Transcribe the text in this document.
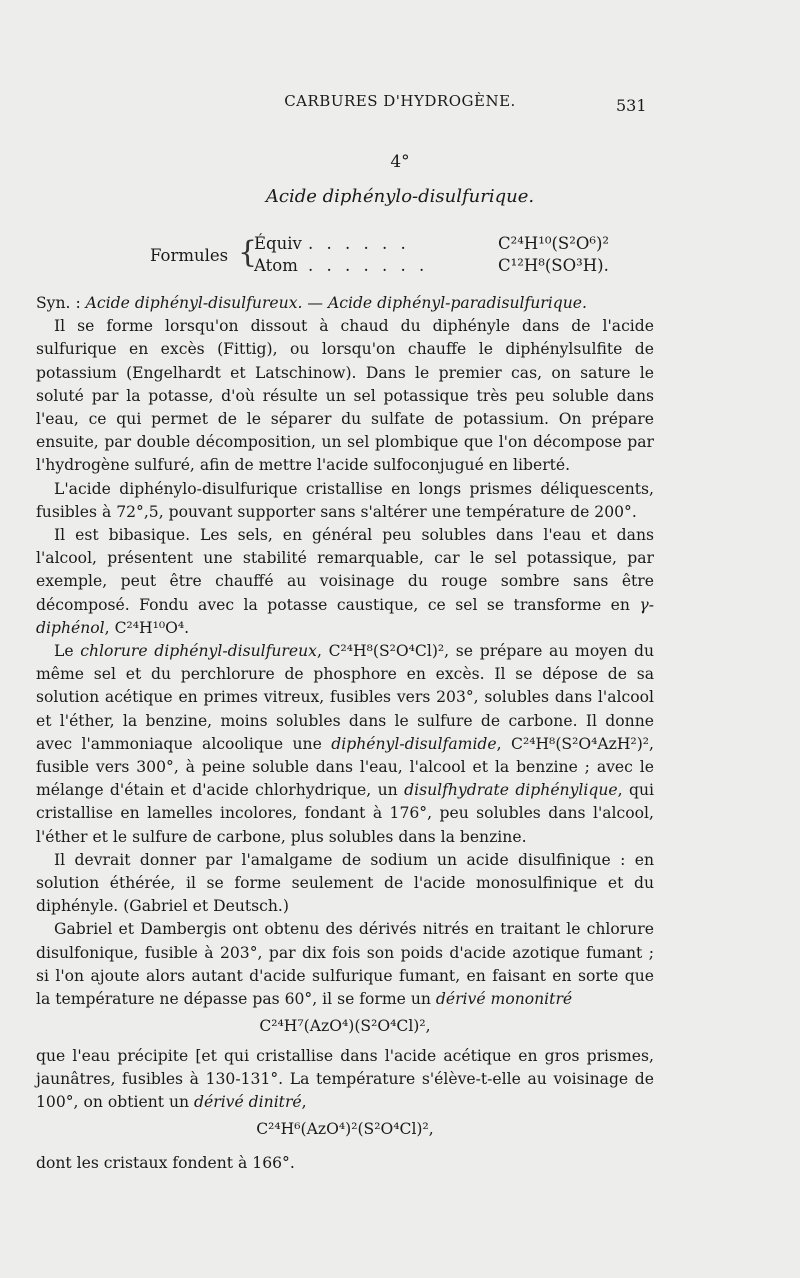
CARBURES D'HYDROGÈNE.	531
4°
Acide diphénylo-disulfurique.
Formules {
Équiv . . . . . .	C²⁴H¹⁰(S²O⁶)²
Atom . . . . . . .	C¹²H⁸(SO³H).

Syn. : Acide diphényl-disulfureux. — Acide diphényl-paradisulfurique.

Il se forme lorsqu'on dissout à chaud du diphényle dans de l'acide sulfurique en excès (Fittig), ou lorsqu'on chauffe le diphénylsulfite de potassium (Engelhardt et Latschinow). Dans le premier cas, on sature le soluté par la potasse, d'où résulte un sel potassique très peu soluble dans l'eau, ce qui permet de le séparer du sulfate de potassium. On prépare ensuite, par double décomposition, un sel plombique que l'on décompose par l'hydrogène sulfuré, afin de mettre l'acide sulfoconjugué en liberté.

L'acide diphénylo-disulfurique cristallise en longs prismes déliquescents, fusibles à 72°,5, pouvant supporter sans s'altérer une température de 200°.

Il est bibasique. Les sels, en général peu solubles dans l'eau et dans l'alcool, présentent une stabilité remarquable, car le sel potassique, par exemple, peut être chauffé au voisinage du rouge sombre sans être décomposé. Fondu avec la potasse caustique, ce sel se transforme en γ-diphénol, C²⁴H¹⁰O⁴.

Le chlorure diphényl-disulfureux, C²⁴H⁸(S²O⁴Cl)², se prépare au moyen du même sel et du perchlorure de phosphore en excès. Il se dépose de sa solution acétique en primes vitreux, fusibles vers 203°, solubles dans l'alcool et l'éther, la benzine, moins solubles dans le sulfure de carbone. Il donne avec l'ammoniaque alcoolique une diphényl-disulfamide, C²⁴H⁸(S²O⁴AzH²)², fusible vers 300°, à peine soluble dans l'eau, l'alcool et la benzine ; avec le mélange d'étain et d'acide chlorhydrique, un disulfhydrate diphénylique, qui cristallise en lamelles incolores, fondant à 176°, peu solubles dans l'alcool, l'éther et le sulfure de carbone, plus solubles dans la benzine.

Il devrait donner par l'amalgame de sodium un acide disulfinique : en solution éthérée, il se forme seulement de l'acide monosulfinique et du diphényle. (Gabriel et Deutsch.)

Gabriel et Dambergis ont obtenu des dérivés nitrés en traitant le chlorure disulfonique, fusible à 203°, par dix fois son poids d'acide azotique fumant ; si l'on ajoute alors autant d'acide sulfurique fumant, en faisant en sorte que la température ne dépasse pas 60°, il se forme un dérivé mononitré

C²⁴H⁷(AzO⁴)(S²O⁴Cl)²,

que l'eau précipite [et qui cristallise dans l'acide acétique en gros prismes, jaunâtres, fusibles à 130-131°. La température s'élève-t-elle au voisinage de 100°, on obtient un dérivé dinitré,

C²⁴H⁶(AzO⁴)²(S²O⁴Cl)²,

dont les cristaux fondent à 166°.
